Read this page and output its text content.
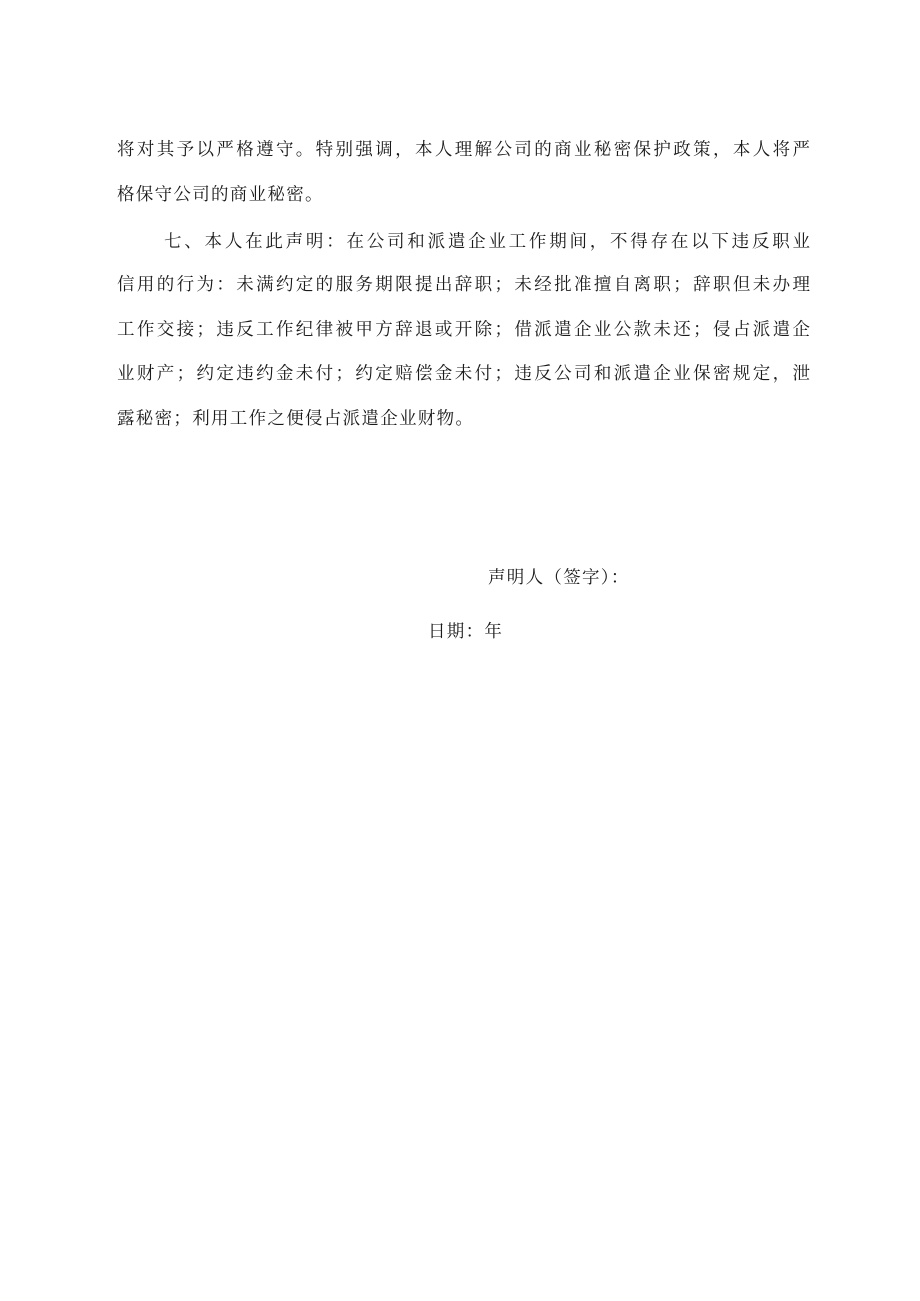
将对其予以严格遵守。特别强调，本人理解公司的商业秘密保护政策，本人将严
格保守公司的商业秘密。
七、本人在此声明：在公司和派遣企业工作期间，不得存在以下违反职业
信用的行为：未满约定的服务期限提出辞职；未经批准擅自离职；辞职但未办理
工作交接；违反工作纪律被甲方辞退或开除；借派遣企业公款未还；侵占派遣企
业财产；约定违约金未付；约定赔偿金未付；违反公司和派遣企业保密规定，泄
露秘密；利用工作之便侵占派遣企业财物。
声明人（签字）：
日期：年
